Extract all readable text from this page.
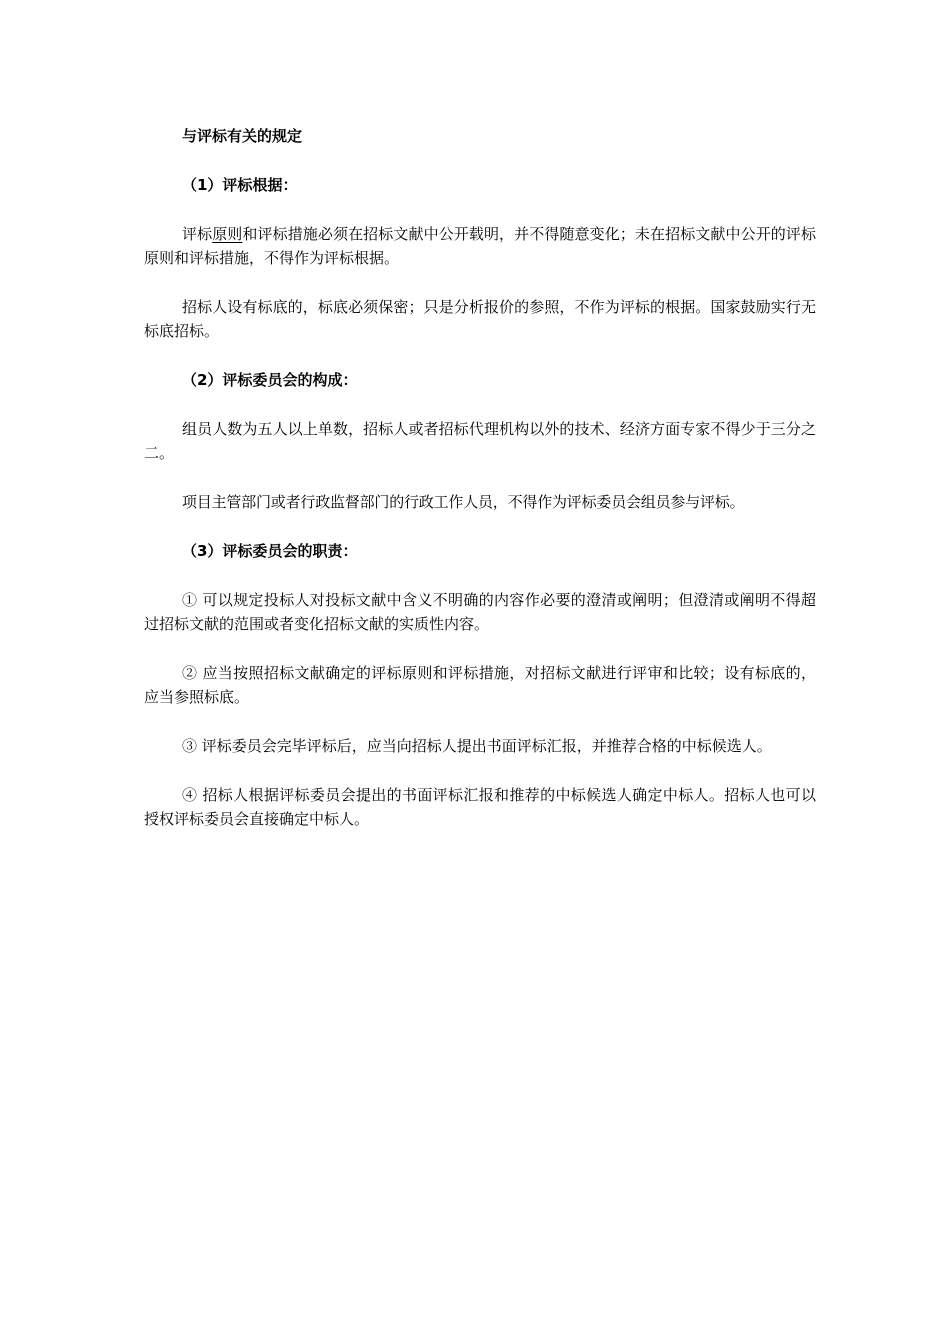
与评标有关的规定

（1）评标根据：

评标原则和评标措施必须在招标文献中公开载明，并不得随意变化；未在招标文献中公开的评标原则和评标措施，不得作为评标根据。

招标人设有标底的，标底必须保密；只是分析报价的参照，不作为评标的根据。国家鼓励实行无标底招标。

（2）评标委员会的构成：

组员人数为五人以上单数，招标人或者招标代理机构以外的技术、经济方面专家不得少于三分之二。

项目主管部门或者行政监督部门的行政工作人员，不得作为评标委员会组员参与评标。

（3）评标委员会的职责：

① 可以规定投标人对投标文献中含义不明确的内容作必要的澄清或阐明；但澄清或阐明不得超过招标文献的范围或者变化招标文献的实质性内容。

② 应当按照招标文献确定的评标原则和评标措施，对招标文献进行评审和比较；设有标底的，应当参照标底。

③ 评标委员会完毕评标后，应当向招标人提出书面评标汇报，并推荐合格的中标候选人。

④ 招标人根据评标委员会提出的书面评标汇报和推荐的中标候选人确定中标人。招标人也可以授权评标委员会直接确定中标人。
